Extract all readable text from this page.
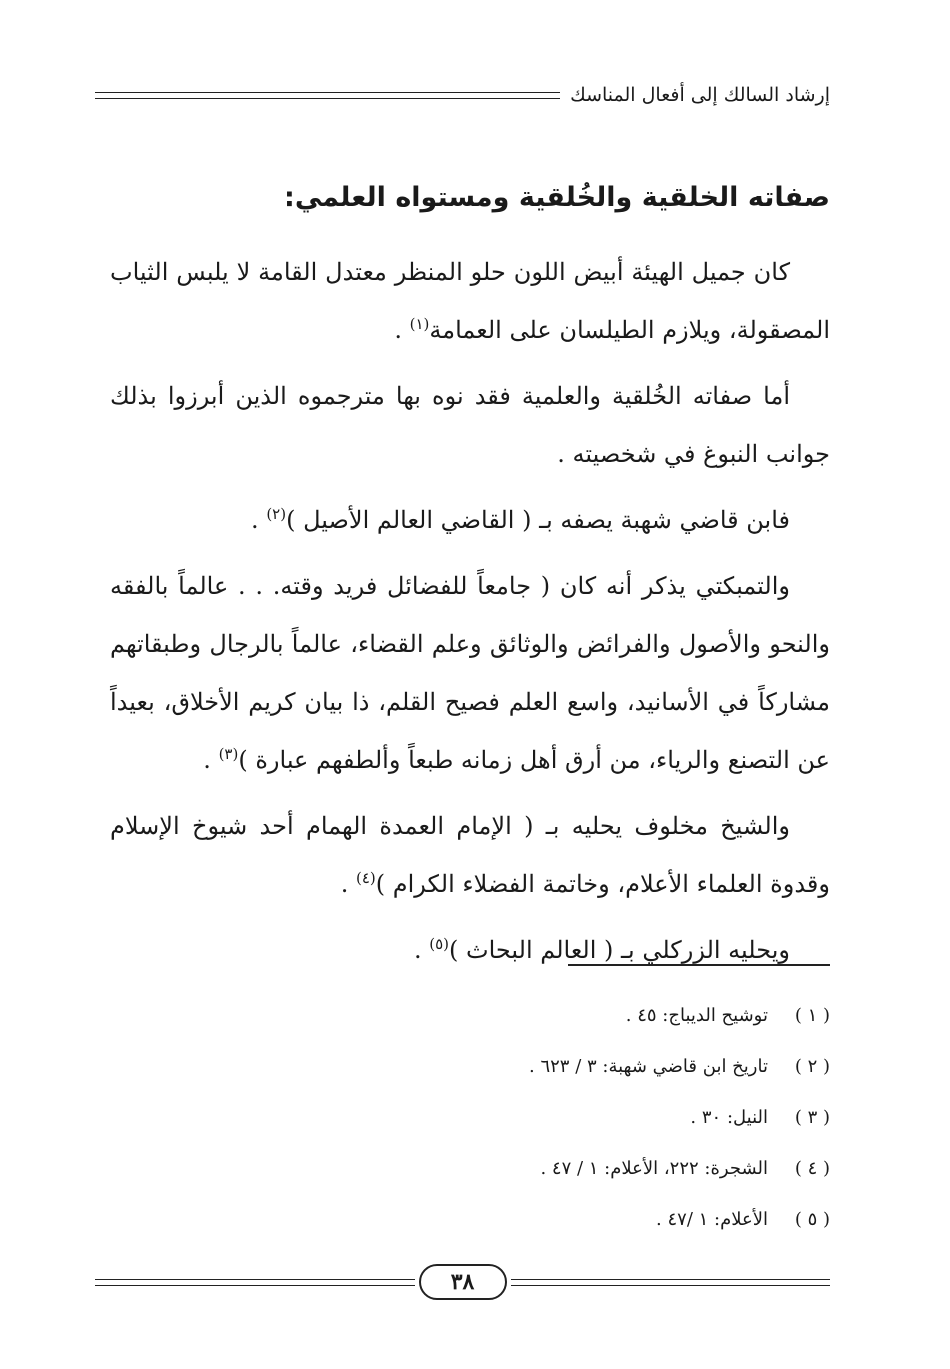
إرشاد السالك إلى أفعال المناسك
صفاته الخلقية والخُلقية ومستواه العلمي:

كان جميل الهيئة أبيض اللون حلو المنظر معتدل القامة لا يلبس الثياب المصقولة، ويلازم الطيلسان على العمامة$^{(١)}$ .

أما صفاته الخُلقية والعلمية فقد نوه بها مترجموه الذين أبرزوا بذلك جوانب النبوغ في شخصيته .

فابن قاضي شهبة يصفه بـ ( القاضي العالم الأصيل )$^{(٢)}$ .

والتمبكتي يذكر أنه كان ( جامعاً للفضائل فريد وقته. . . عالماً بالفقه والنحو والأصول والفرائض والوثائق وعلم القضاء، عالماً بالرجال وطبقاتهم مشاركاً في الأسانيد، واسع العلم فصيح القلم، ذا بيان كريم الأخلاق، بعيداً عن التصنع والرياء، من أرق أهل زمانه طبعاً وألطفهم عبارة )$^{(٣)}$ .

والشيخ مخلوف يحليه بـ ( الإمام العمدة الهمام أحد شيوخ الإسلام وقدوة العلماء الأعلام، وخاتمة الفضلاء الكرام )$^{(٤)}$ .

ويحليه الزركلي بـ ( العالم البحاث )$^{(٥)}$ .

( ١ )
توشيح الديباج: ٤٥ .
( ٢ )
تاريخ ابن قاضي شهبة: ٣ / ٦٢٣ .
( ٣ )
النيل: ٣٠ .
( ٤ )
الشجرة: ٢٢٢، الأعلام: ١ / ٤٧ .
( ٥ )
الأعلام: ١ /٤٧ .
٣٨
